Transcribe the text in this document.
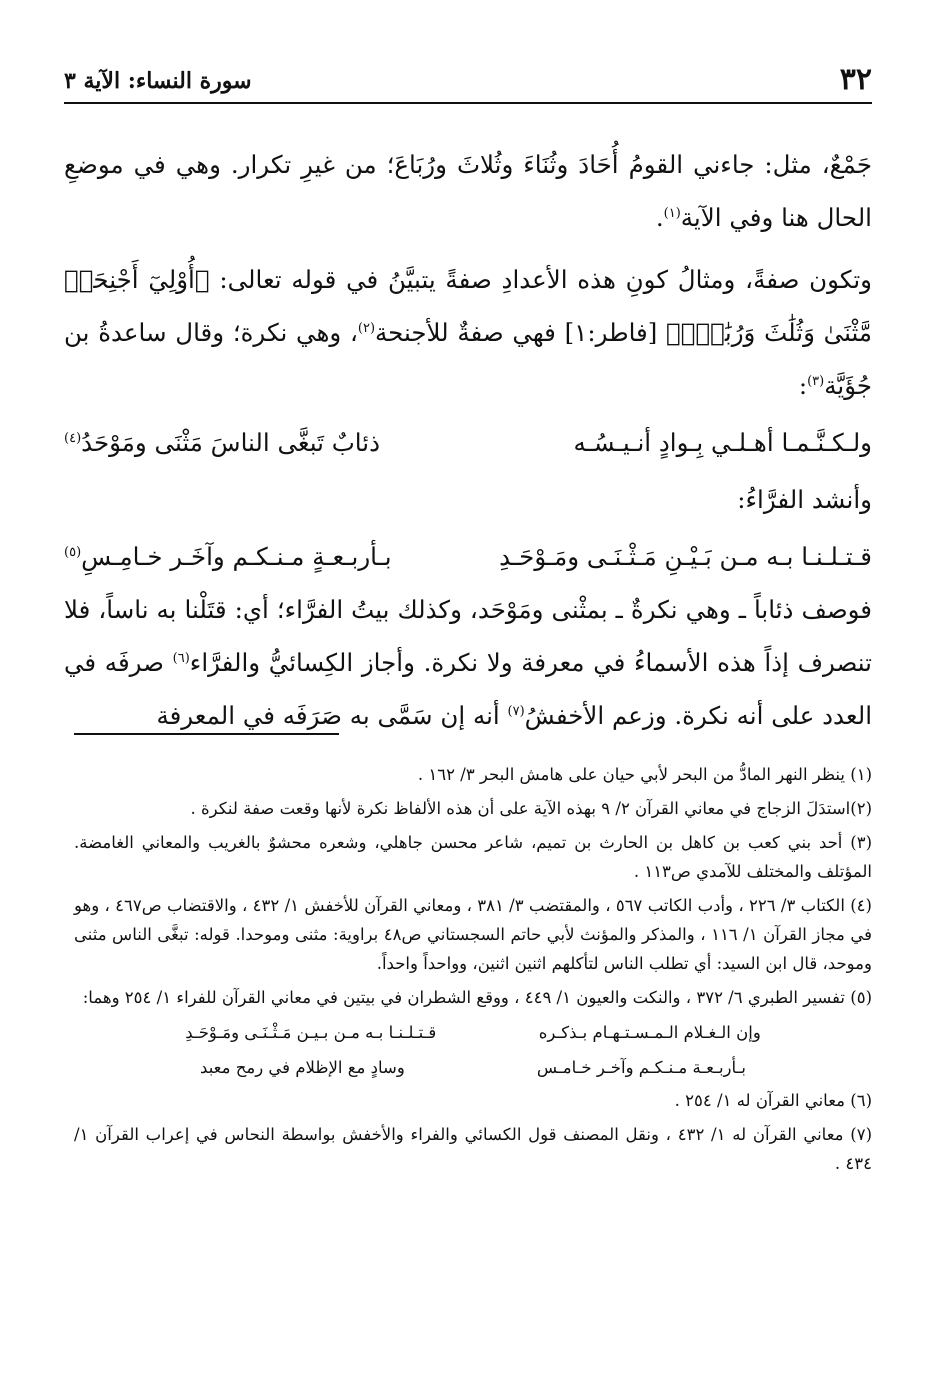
٣٢
سورة النساء: الآية ٣

جَمْعٌ، مثل: جاءني القومُ أُحَادَ وثُنَاءَ وثُلاثَ ورُبَاعَ؛ من غيرِ تكرار. وهي في موضعِ الحال هنا وفي الآية$^{(١)}$.

وتكون صفةً، ومثالُ كونِ هذه الأعدادِ صفةً يتبيَّنُ في قوله تعالى: ﴿أُوْلِيٓ أَجْنِحَةٖ مَّثْنَىٰ وَثُلَٰثَ وَرُبَٰعَۚ﴾ [فاطر:١] فهي صفةٌ للأجنحة$^{(٢)}$، وهي نكرة؛ وقال ساعدةُ بن جُؤَيَّة$^{(٣)}$:

ولـكـنَّـمـا أهـلـي بِـوادٍ أنـيـسُـه
ذئابٌ تَبغَّى الناسَ مَثْنَى ومَوْحَدُ$^{(٤)}$
وأنشد الفرَّاءُ:
قـتـلـنـا بـه مـن بَـيْـنِ مَـثْـنَـى ومَـوْحَـدِ
بـأربـعـةٍ مـنـكـم وآخَـر خـامِـسِ$^{(٥)}$

فوصف ذئاباً ـ وهي نكرةٌ ـ بمثْنى ومَوْحَد، وكذلك بيتُ الفرَّاء؛ أي: قتَلْنا به ناساً، فلا تنصرف إذاً هذه الأسماءُ في معرفة ولا نكرة. وأجاز الكِسائيُّ والفرَّاء$^{(٦)}$ صرفَه في العدد على أنه نكرة. وزعم الأخفشُ$^{(٧)}$ أنه إن سَمَّى به صَرَفَه في المعرفة

(١) ينظر النهر المادُّ من البحر لأبي حيان على هامش البحر ٣/ ١٦٢ .

(٢)استدَلَ الزجاج في معاني القرآن ٢/ ٩ بهذه الآية على أن هذه الألفاظ نكرة لأنها وقعت صفة لنكرة .

(٣) أحد بني كعب بن كاهل بن الحارث بن تميم، شاعر محسن جاهلي، وشعره محشوٌ بالغريب والمعاني الغامضة. المؤتلف والمختلف للآمدي ص١١٣ .

(٤) الكتاب ٣/ ٢٢٦ ، وأدب الكاتب ٥٦٧ ، والمقتضب ٣/ ٣٨١ ، ومعاني القرآن للأخفش ١/ ٤٣٢ ، والاقتضاب ص٤٦٧ ، وهو في مجاز القرآن ١/ ١١٦ ، والمذكر والمؤنث لأبي حاتم السجستاني ص٤٨ براوية: مثنى وموحدا. قوله: تبغَّى الناس مثنى وموحد، قال ابن السيد: أي تطلب الناس لتأكلهم اثنين اثنين، وواحداً واحداً.

(٥) تفسير الطبري ٦/ ٣٧٢ ، والنكت والعيون ١/ ٤٤٩ ، ووقع الشطران في بيتين في معاني القرآن للفراء ١/ ٢٥٤ وهما:

وإن الـغـلام الـمـسـتـهـام بـذكـره
قـتـلـنـا بـه مـن بـيـن مَـثْـنَـى ومَـوْحَـدِ
بـأربـعـة مـنـكـم وآخـر خـامـس
وسادٍ مع الإظلام في رمح معبد

(٦) معاني القرآن له ١/ ٢٥٤ .

(٧) معاني القرآن له ١/ ٤٣٢ ، ونقل المصنف قول الكسائي والفراء والأخفش بواسطة النحاس في إعراب القرآن ١/ ٤٣٤ .
